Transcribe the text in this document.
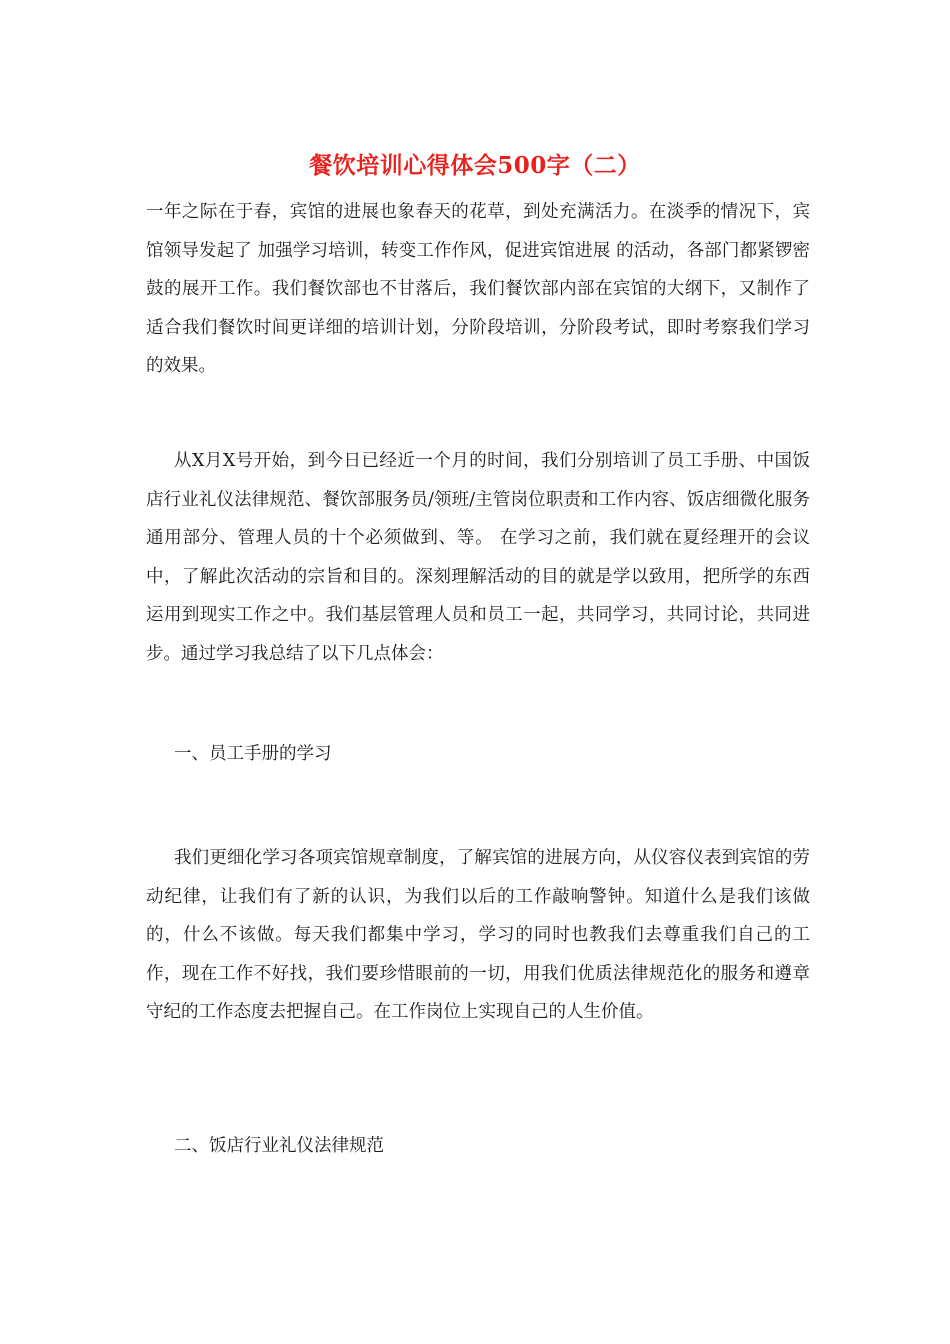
餐饮培训心得体会500字（二）

一年之际在于春，宾馆的进展也象春天的花草，到处充满活力。在淡季的情况下，宾馆领导发起了 加强学习培训，转变工作作风，促进宾馆进展 的活动，各部门都紧锣密鼓的展开工作。我们餐饮部也不甘落后，我们餐饮部内部在宾馆的大纲下，又制作了适合我们餐饮时间更详细的培训计划，分阶段培训，分阶段考试，即时考察我们学习的效果。

从X月X号开始，到今日已经近一个月的时间，我们分别培训了员工手册、中国饭店行业礼仪法律规范、餐饮部服务员/领班/主管岗位职责和工作内容、饭店细微化服务通用部分、管理人员的十个必须做到、等。 在学习之前，我们就在夏经理开的会议中，了解此次活动的宗旨和目的。深刻理解活动的目的就是学以致用，把所学的东西运用到现实工作之中。我们基层管理人员和员工一起，共同学习，共同讨论，共同进步。通过学习我总结了以下几点体会：

一、员工手册的学习

我们更细化学习各项宾馆规章制度，了解宾馆的进展方向，从仪容仪表到宾馆的劳动纪律，让我们有了新的认识，为我们以后的工作敲响警钟。知道什么是我们该做的，什么不该做。每天我们都集中学习，学习的同时也教我们去尊重我们自己的工作，现在工作不好找，我们要珍惜眼前的一切，用我们优质法律规范化的服务和遵章守纪的工作态度去把握自己。在工作岗位上实现自己的人生价值。

二、饭店行业礼仪法律规范
